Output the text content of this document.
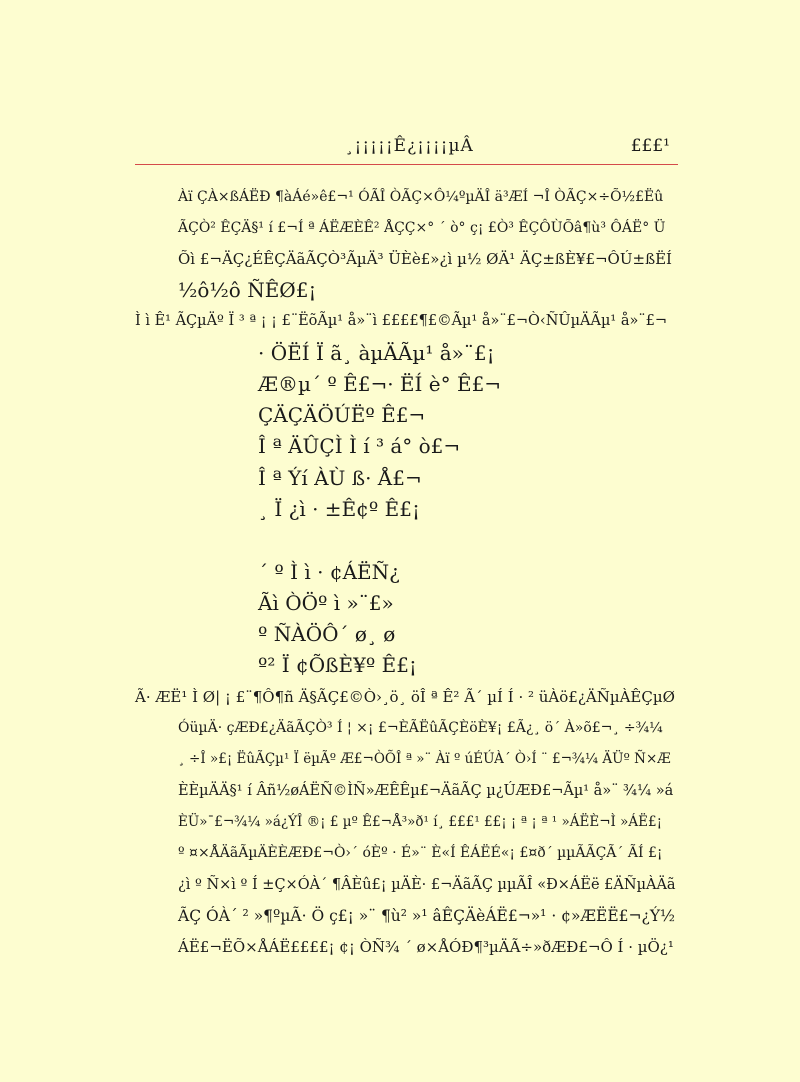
¸¡¡¡¡¡Ê¿¡¡¡¡µÂ	£££¹
Àï ÇÀ×ßÁËÐ ¶àÁé»ê£¬¹ ÓÃÎ ÒÃÇ×Ô¼ºµÄÎ ä³ÆÍ ¬Î ÒÃÇ×÷Õ½£Ëû
ÃÇÒ² ÊÇÄ§¹ í £¬Í ª ÁËÆÈÊ² ÅÇÇ×° ´ ò° ç¡ £Ò³ ÊÇÔÙÕâ¶ù³ ÔÁË° Ü
Õì £¬ÄÇ¿ÉÊÇÄãÃÇÒ³ÃµÄ³ ÜÈè£»¿ì µ½ ØÄ¹ ÄÇ±ßÈ¥£¬ÔÚ±ßËÍ
½ô½ô ÑÊØ£¡
Ì ì Ê¹ ÃÇµÄº Ï ³ ª ¡ ¡ £¨ËõÃµ¹ å»¨ì ££££¶£©Ãµ¹ å»¨£¬Ò‹ÑÛµÄÃµ¹ å»¨£¬
· ÖËÍ Ï ã¸ àµÄÃµ¹ å»¨£¡
Æ®µ´ º Ê£¬· ËÍ è° Ê£¬
ÇÄÇÄÖÚËº Ê£¬
Î ª ÄÛÇÌ Ì í ³ á° ò£¬
Î ª Ýí ÀÙ ß· Å£¬
¸ Ï ¿ì · ±Ê¢º Ê£¡
´ º Ì ì · ¢ÁËÑ¿
Ãì ÒÖº ì »¨£»
º ÑÀÖÔ´ ø¸ ø
º² Ï ¢ÕßÈ¥º Ê£¡
Ã· ÆË¹ Ì Ø| ¡ £¨¶Ô¶ñ Ä§ÃÇ£©Ò›¸ö¸ öÎ ª Ê² Ã´ µÍ Í · ² üÀö£¿ÄÑµÀÊÇµØ
ÓüµÄ· çÆÐ£¿ÄãÃÇÒ³ Í ¦ ×¡ £¬ÈÃËûÃÇÈöÈ¥¡ £Ã¿¸ ö´ À»õ£¬¸ ÷¾¼
¸ ÷Î »£¡ ËûÃÇµ¹ Ï ëµÃº Æ£¬ÒÕÎ ª »¨ Àï º úÉÚÀ´ Ò›Í ¨ £¬¾¼ ÄÜº Ñ×Æ
ÈÈµÄÄ§¹ í Âñ½øÁËÑ©ÌÑ»ÆÊÊµ£¬ÄãÃÇ µ¿ÚÆÐ£¬Ãµ¹ å»¨ ¾¼ »á
ÈÜ»¯£¬¾¼ »á¿ÝÎ ®¡ £ µº Ê£¬Å³»ð¹ í¸ £££¹ ££¡ ¡ ª ¡ ª ¹ »ÁËÈ¬Ì »ÁË£¡
º ¤×ÅÄãÃµÄÈÈÆÐ£¬Ò›´ óÈº · É»¨ È«Í ÊÁËÉ«¡ £¤ð´ µµÃÃÇÃ´ ÃÍ £¡
¿ì º Ñ×ì º Í ±Ç×ÓÀ´ ¶ÂÈû£¡ µÄÈ· £¬ÄãÃÇ µµÃÎ «Ð×ÁËë £ÄÑµÀÄã
ÃÇ ÓÀ´ ² »¶ºµÃ· Ö ç£¡ »¨ ¶ù² »¹ âÊÇÄèÁË£¬»¹ · ¢»ÆËË£¬¿Ý½
ÁË£¬ËÕ×ÅÁË££££¡ ¢¡ ÒÑ¾ ´ ø×ÅÓÐ¶³µÄÃ÷»ðÆÐ£¬Ô Í · µÖ¿¹
